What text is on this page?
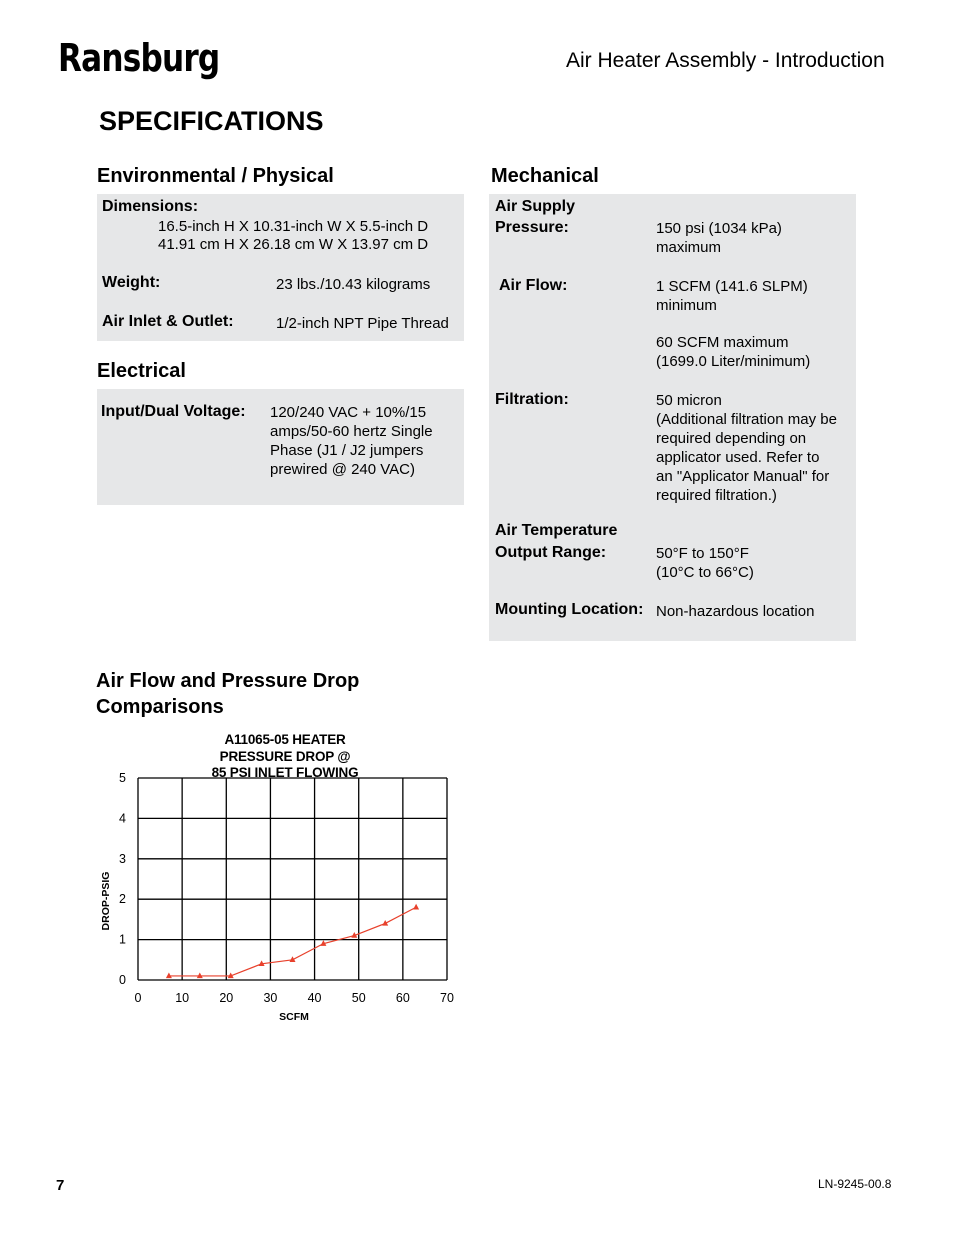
Ransburg	Air Heater Assembly - Introduction
SPECIFICATIONS
Environmental / Physical
Dimensions:
16.5-inch H X 10.31-inch W X 5.5-inch D
41.91 cm H X 26.18 cm W X 13.97 cm D
Weight:	23 lbs./10.43 kilograms
Air Inlet & Outlet:	1/2-inch NPT Pipe Thread
Electrical
Input/Dual Voltage: 120/240 VAC + 10%/15
amps/50-60 hertz Single
Phase (J1 / J2 jumpers
prewired @ 240 VAC)
Mechanical
Air Supply
Pressure:	150 psi (1034 kPa)
maximum
Air Flow:	1 SCFM (141.6 SLPM)
minimum
60 SCFM maximum
(1699.0 Liter/minimum)
Filtration:	50 micron
(Additional filtration may be
required depending on
applicator used. Refer to
an "Applicator Manual" for
required filtration.)
Air Temperature
Output Range:	50°F to 150°F
(10°C to 66°C)
Mounting Location: Non-hazardous location
Air Flow and Pressure Drop
Comparisons
A11065-05 HEATER
PRESSURE DROP @
85 PSI INLET FLOWING
0	10 20 30 40 50 60 70
0
1
2
3
4
5
SCFM
DROP-PSIG
7	LN-9245-00.8
